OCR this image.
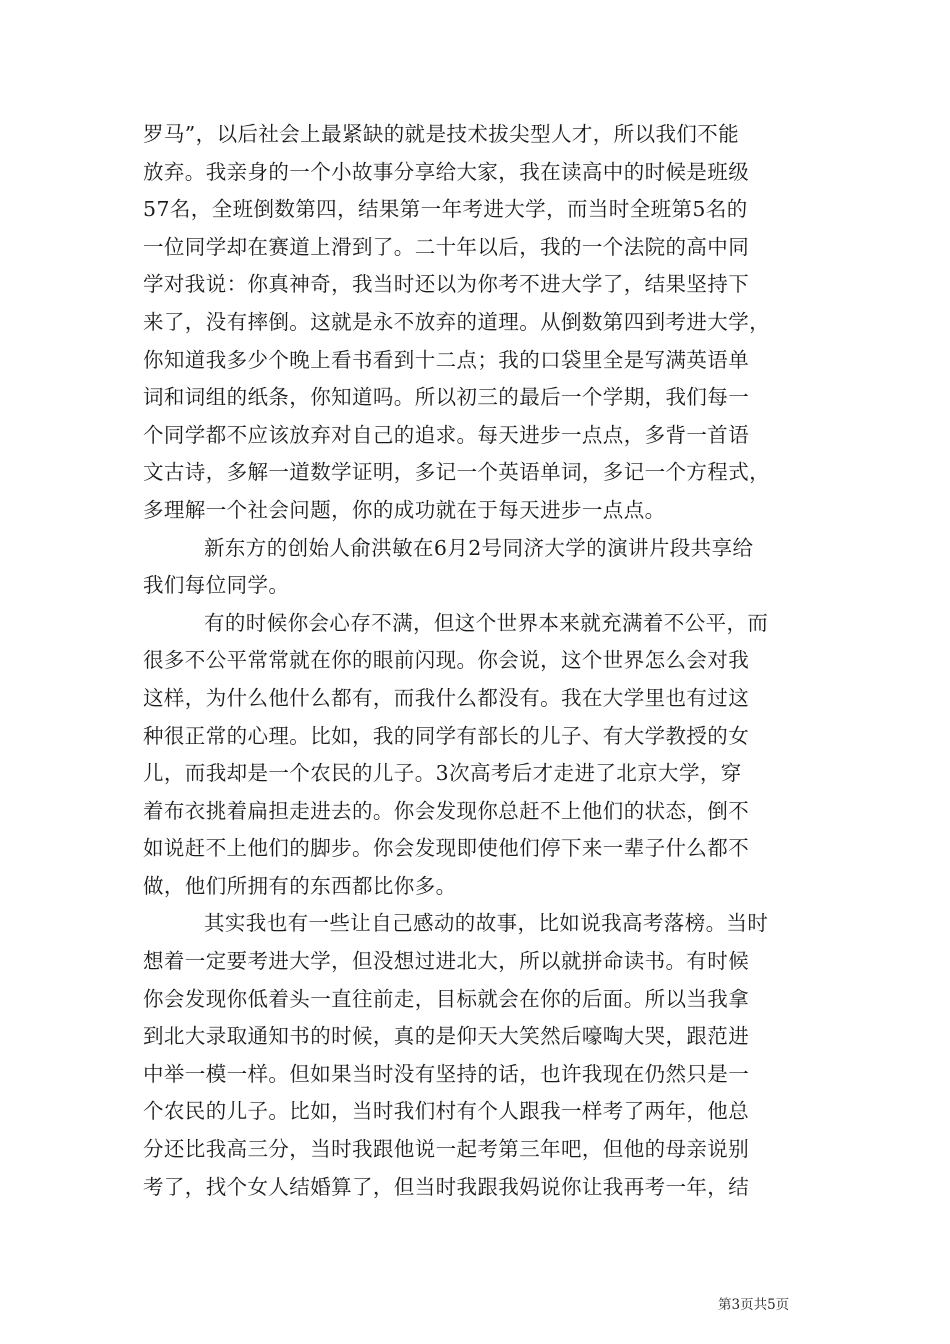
罗马”，以后社会上最紧缺的就是技术拔尖型人才，所以我们不能
放弃。我亲身的一个小故事分享给大家，我在读高中的时候是班级
57名，全班倒数第四，结果第一年考进大学，而当时全班第5名的
一位同学却在赛道上滑到了。二十年以后，我的一个法院的高中同
学对我说：你真神奇，我当时还以为你考不进大学了，结果坚持下
来了，没有摔倒。这就是永不放弃的道理。从倒数第四到考进大学，
你知道我多少个晚上看书看到十二点；我的口袋里全是写满英语单
词和词组的纸条，你知道吗。所以初三的最后一个学期，我们每一
个同学都不应该放弃对自己的追求。每天进步一点点，多背一首语
文古诗，多解一道数学证明，多记一个英语单词，多记一个方程式，
多理解一个社会问题，你的成功就在于每天进步一点点。
新东方的创始人俞洪敏在6月2号同济大学的演讲片段共享给
我们每位同学。
有的时候你会心存不满，但这个世界本来就充满着不公平，而
很多不公平常常就在你的眼前闪现。你会说，这个世界怎么会对我
这样，为什么他什么都有，而我什么都没有。我在大学里也有过这
种很正常的心理。比如，我的同学有部长的儿子、有大学教授的女
儿，而我却是一个农民的儿子。3次高考后才走进了北京大学，穿
着布衣挑着扁担走进去的。你会发现你总赶不上他们的状态，倒不
如说赶不上他们的脚步。你会发现即使他们停下来一辈子什么都不
做，他们所拥有的东西都比你多。
其实我也有一些让自己感动的故事，比如说我高考落榜。当时
想着一定要考进大学，但没想过进北大，所以就拼命读书。有时候
你会发现你低着头一直往前走，目标就会在你的后面。所以当我拿
到北大录取通知书的时候，真的是仰天大笑然后嚎啕大哭，跟范进
中举一模一样。但如果当时没有坚持的话，也许我现在仍然只是一
个农民的儿子。比如，当时我们村有个人跟我一样考了两年，他总
分还比我高三分，当时我跟他说一起考第三年吧，但他的母亲说别
考了，找个女人结婚算了，但当时我跟我妈说你让我再考一年，结
第3页共5页
